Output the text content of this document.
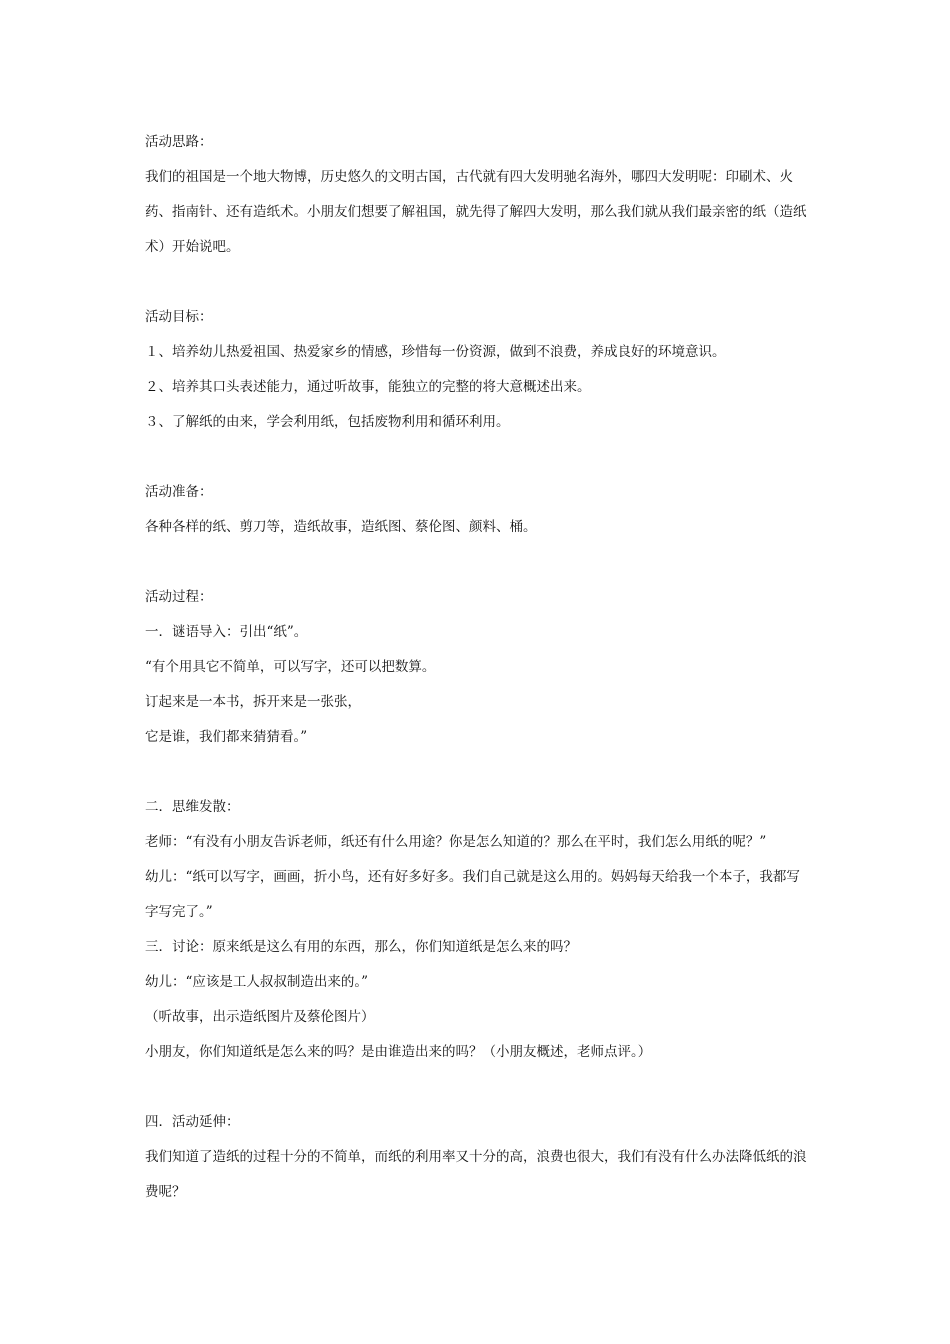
活动思路：

我们的祖国是一个地大物博，历史悠久的文明古国，古代就有四大发明驰名海外，哪四大发明呢：印刷术、火药、指南针、还有造纸术。小朋友们想要了解祖国，就先得了解四大发明，那么我们就从我们最亲密的纸（造纸术）开始说吧。

活动目标：

１、培养幼儿热爱祖国、热爱家乡的情感，珍惜每一份资源，做到不浪费，养成良好的环境意识。

２、培养其口头表述能力，通过听故事，能独立的完整的将大意概述出来。

３、了解纸的由来，学会利用纸，包括废物利用和循环利用。

活动准备：

各种各样的纸、剪刀等，造纸故事，造纸图、蔡伦图、颜料、桶。

活动过程：

一．谜语导入：引出“纸”。

“有个用具它不简单，可以写字，还可以把数算。

订起来是一本书，拆开来是一张张，

它是谁，我们都来猜猜看。”

二．思维发散：

老师：“有没有小朋友告诉老师，纸还有什么用途？你是怎么知道的？那么在平时，我们怎么用纸的呢？”

幼儿：“纸可以写字，画画，折小鸟，还有好多好多。我们自己就是这么用的。妈妈每天给我一个本子，我都写字写完了。”

三．讨论：原来纸是这么有用的东西，那么，你们知道纸是怎么来的吗？

幼儿：“应该是工人叔叔制造出来的。”

（听故事，出示造纸图片及蔡伦图片）

小朋友，你们知道纸是怎么来的吗？是由谁造出来的吗？（小朋友概述，老师点评。）

四．活动延伸：

我们知道了造纸的过程十分的不简单，而纸的利用率又十分的高，浪费也很大，我们有没有什么办法降低纸的浪费呢？
